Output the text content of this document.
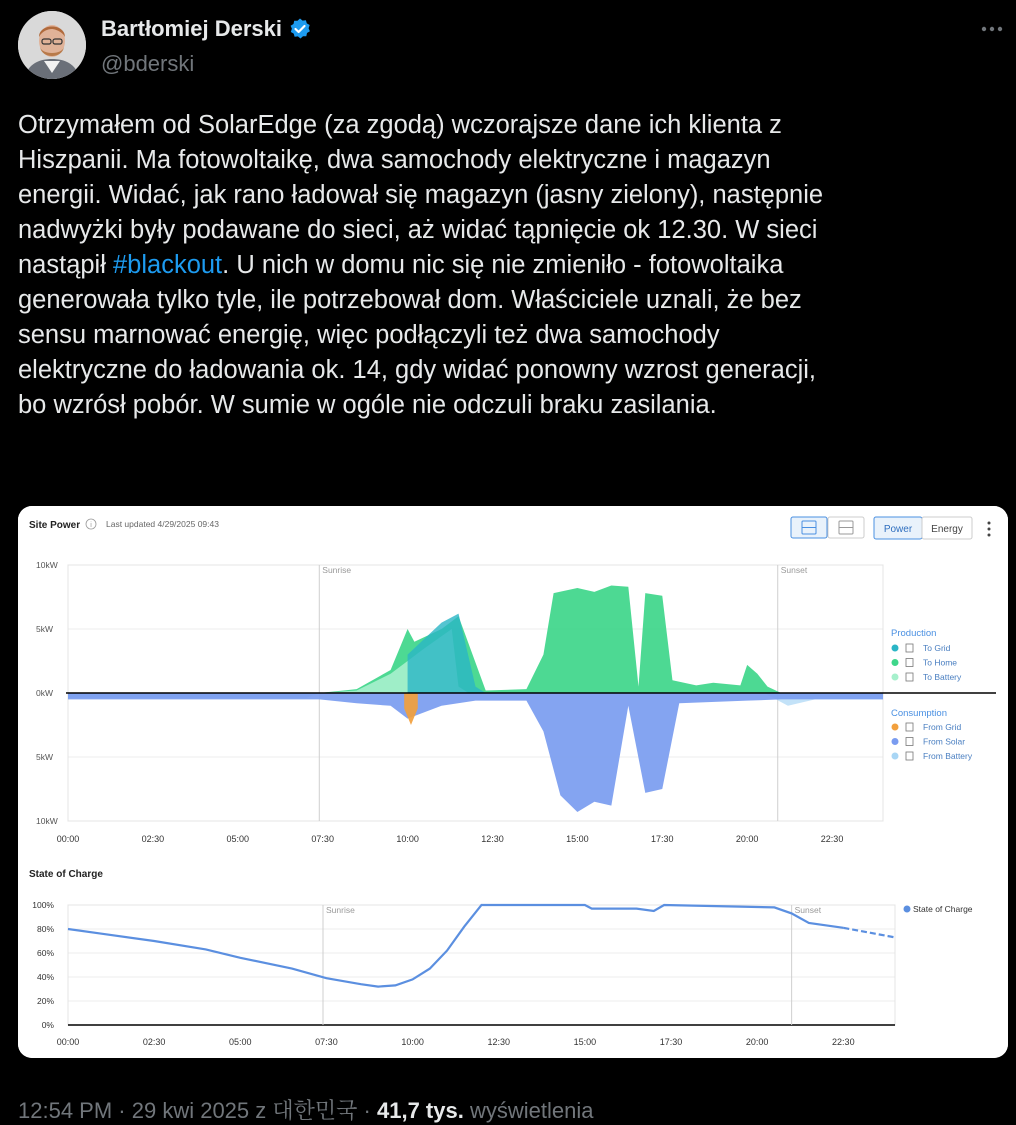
Bartłomiej Derski
@bderski
Otrzymałem od SolarEdge (za zgodą) wczorajsze dane ich klienta z
Hiszpanii. Ma fotowoltaikę, dwa samochody elektryczne i magazyn
energii. Widać, jak rano ładował się magazyn (jasny zielony), następnie
nadwyżki były podawane do sieci, aż widać tąpnięcie ok 12.30. W sieci
nastąpił #blackout. U nich w domu nic się nie zmieniło - fotowoltaika
generowała tylko tyle, ile potrzebował dom. Właściciele uznali, że bez
sensu marnować energię, więc podłączyli też dwa samochody
elektryczne do ładowania ok. 14, gdy widać ponowny wzrost generacji,
bo wzrósł pobór. W sumie w ogóle nie odczuli braku zasilania.
Sunrise	Sunset
10kW
5kW
0kW
5kW
10kW
00:00	02:30	05:00	07:30	10:00	12:30	15:00	17:30	20:00	22:30
Sunrise	Sunset
100%
80%
60%
40%
20%
0%
00:00	02:30	05:00	07:30	10:00	12:30	15:00	17:30	20:00	22:30
Production
To Grid
To Home
To Battery
Consumption
From Grid
From Solar
From Battery
State of Charge
Site Power i Last updated 4/29/2025 09:43	Power Energy
State of Charge
12:54 PM · 29 kwi 2025 z 대한민국 · 41,7 tys. wyświetlenia
